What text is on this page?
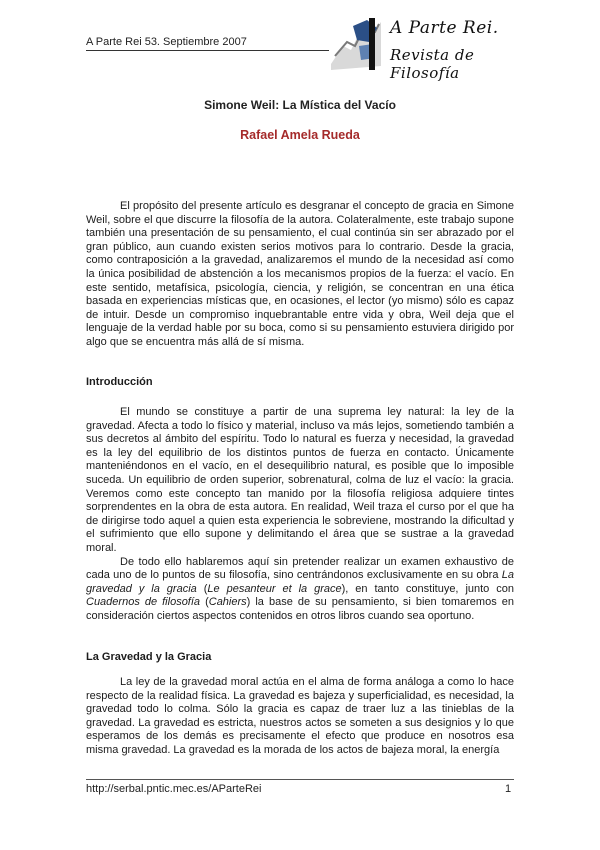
A Parte Rei 53. Septiembre 2007
A Parte Rei.
Revista de Filosofía
Simone Weil: La Mística del Vacío
Rafael Amela Rueda

El propósito del presente artículo es desgranar el concepto de gracia en Simone Weil, sobre el que discurre la filosofía de la autora. Colateralmente, este trabajo supone también una presentación de su pensamiento, el cual continúa sin ser abrazado por el gran público, aun cuando existen serios motivos para lo contrario. Desde la gracia, como contraposición a la gravedad, analizaremos el mundo de la necesidad así como la única posibilidad de abstención a los mecanismos propios de la fuerza: el vacío. En este sentido, metafísica, psicología, ciencia, y religión, se concentran en una ética basada en experiencias místicas que, en ocasiones, el lector (yo mismo) sólo es capaz de intuir. Desde un compromiso inquebrantable entre vida y obra, Weil deja que el lenguaje de la verdad hable por su boca, como si su pensamiento estuviera dirigido por algo que se encuentra más allá de sí misma.

Introducción

El mundo se constituye a partir de una suprema ley natural: la ley de la gravedad. Afecta a todo lo físico y material, incluso va más lejos, sometiendo también a sus decretos al ámbito del espíritu. Todo lo natural es fuerza y necesidad, la gravedad es la ley del equilibrio de los distintos puntos de fuerza en contacto. Únicamente manteniéndonos en el vacío, en el desequilibrio natural, es posible que lo imposible suceda. Un equilibrio de orden superior, sobrenatural, colma de luz el vacío: la gracia. Veremos como este concepto tan manido por la filosofía religiosa adquiere tintes sorprendentes en la obra de esta autora. En realidad, Weil traza el curso por el que ha de dirigirse todo aquel a quien esta experiencia le sobreviene, mostrando la dificultad y el sufrimiento que ello supone y delimitando el área que se sustrae a la gravedad moral.

De todo ello hablaremos aquí sin pretender realizar un examen exhaustivo de cada uno de lo puntos de su filosofía, sino centrándonos exclusivamente en su obra La gravedad y la gracia (Le pesanteur et la grace), en tanto constituye, junto con Cuadernos de filosofía (Cahiers) la base de su pensamiento, si bien tomaremos en consideración ciertos aspectos contenidos en otros libros cuando sea oportuno.

La Gravedad y la Gracia

La ley de la gravedad moral actúa en el alma de forma análoga a como lo hace respecto de la realidad física. La gravedad es bajeza y superficialidad, es necesidad, la gravedad todo lo colma. Sólo la gracia es capaz de traer luz a las tinieblas de la gravedad. La gravedad es estricta, nuestros actos se someten a sus designios y lo que esperamos de los demás es precisamente el efecto que produce en nosotros esa misma gravedad. La gravedad es la morada de los actos de bajeza moral, la energía

http://serbal.pntic.mec.es/AParteRei	1
